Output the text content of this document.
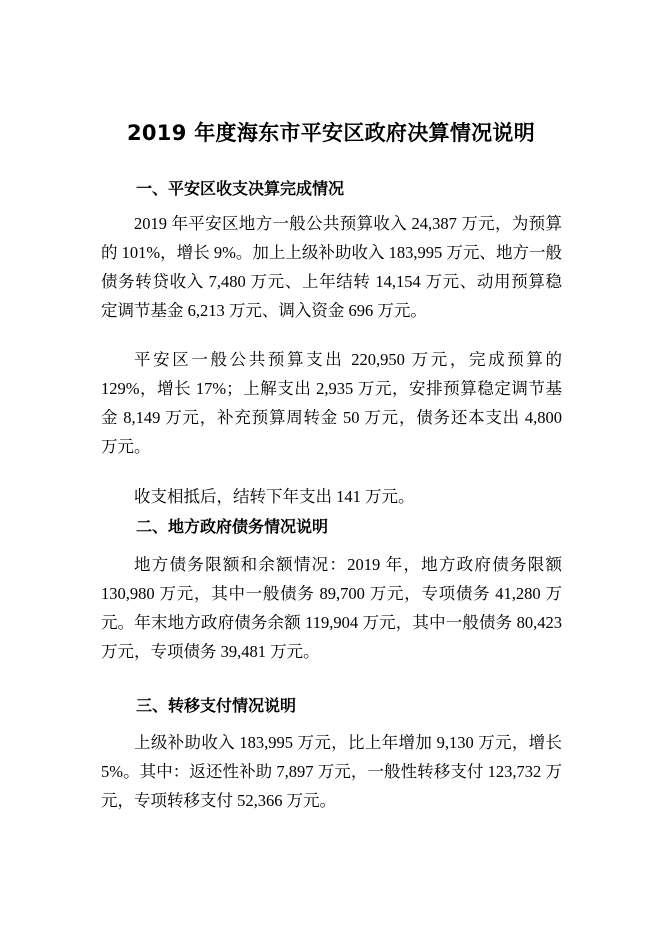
2019 年度海东市平安区政府决算情况说明
一、平安区收支决算完成情况
2019 年平安区地方一般公共预算收入 24,387 万元，为预算的 101%，增长 9%。加上上级补助收入 183,995 万元、地方一般债务转贷收入 7,480 万元、上年结转 14,154 万元、动用预算稳定调节基金 6,213 万元、调入资金 696 万元。
平安区一般公共预算支出 220,950 万元，完成预算的 129%，增长 17%；上解支出 2,935 万元，安排预算稳定调节基金 8,149 万元，补充预算周转金 50 万元，债务还本支出 4,800 万元。
收支相抵后，结转下年支出 141 万元。
二、地方政府债务情况说明
地方债务限额和余额情况：2019 年，地方政府债务限额 130,980 万元，其中一般债务 89,700 万元，专项债务 41,280 万元。年末地方政府债务余额 119,904 万元，其中一般债务 80,423 万元，专项债务 39,481 万元。
三、转移支付情况说明
上级补助收入 183,995 万元，比上年增加 9,130 万元，增长 5%。其中：返还性补助 7,897 万元，一般性转移支付 123,732 万元，专项转移支付 52,366 万元。
